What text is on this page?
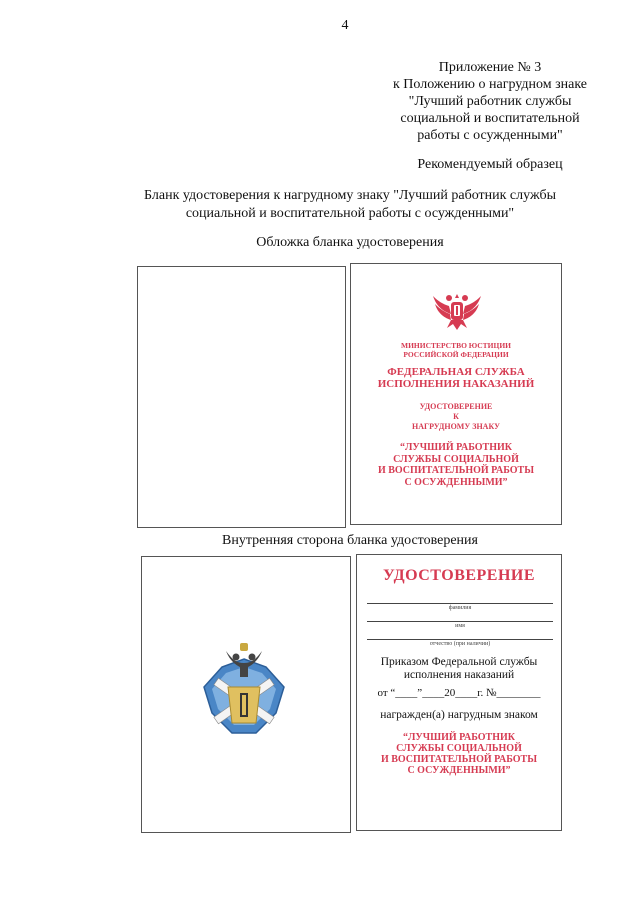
4
Приложение № 3
к Положению о нагрудном знаке
"Лучший работник службы
социальной и воспитательной
работы с осужденными"
Рекомендуемый образец
Бланк удостоверения к нагрудному знаку "Лучший работник службы
социальной и воспитательной работы с осужденными"
Обложка бланка удостоверения
МИНИСТЕРСТВО ЮСТИЦИИ
РОССИЙСКОЙ ФЕДЕРАЦИИ
ФЕДЕРАЛЬНАЯ СЛУЖБА
ИСПОЛНЕНИЯ НАКАЗАНИЙ
УДОСТОВЕРЕНИЕ
К
НАГРУДНОМУ ЗНАКУ
“ЛУЧШИЙ РАБОТНИК
СЛУЖБЫ СОЦИАЛЬНОЙ
И ВОСПИТАТЕЛЬНОЙ РАБОТЫ
С ОСУЖДЕННЫМИ”
Внутренняя сторона бланка удостоверения
УДОСТОВЕРЕНИЕ
фамилия
имя
отчество (при наличии)
Приказом Федеральной службы
исполнения наказаний
от “____”____20____г. №________
награжден(а) нагрудным знаком
“ЛУЧШИЙ РАБОТНИК
СЛУЖБЫ СОЦИАЛЬНОЙ
И ВОСПИТАТЕЛЬНОЙ РАБОТЫ
С ОСУЖДЕННЫМИ”
